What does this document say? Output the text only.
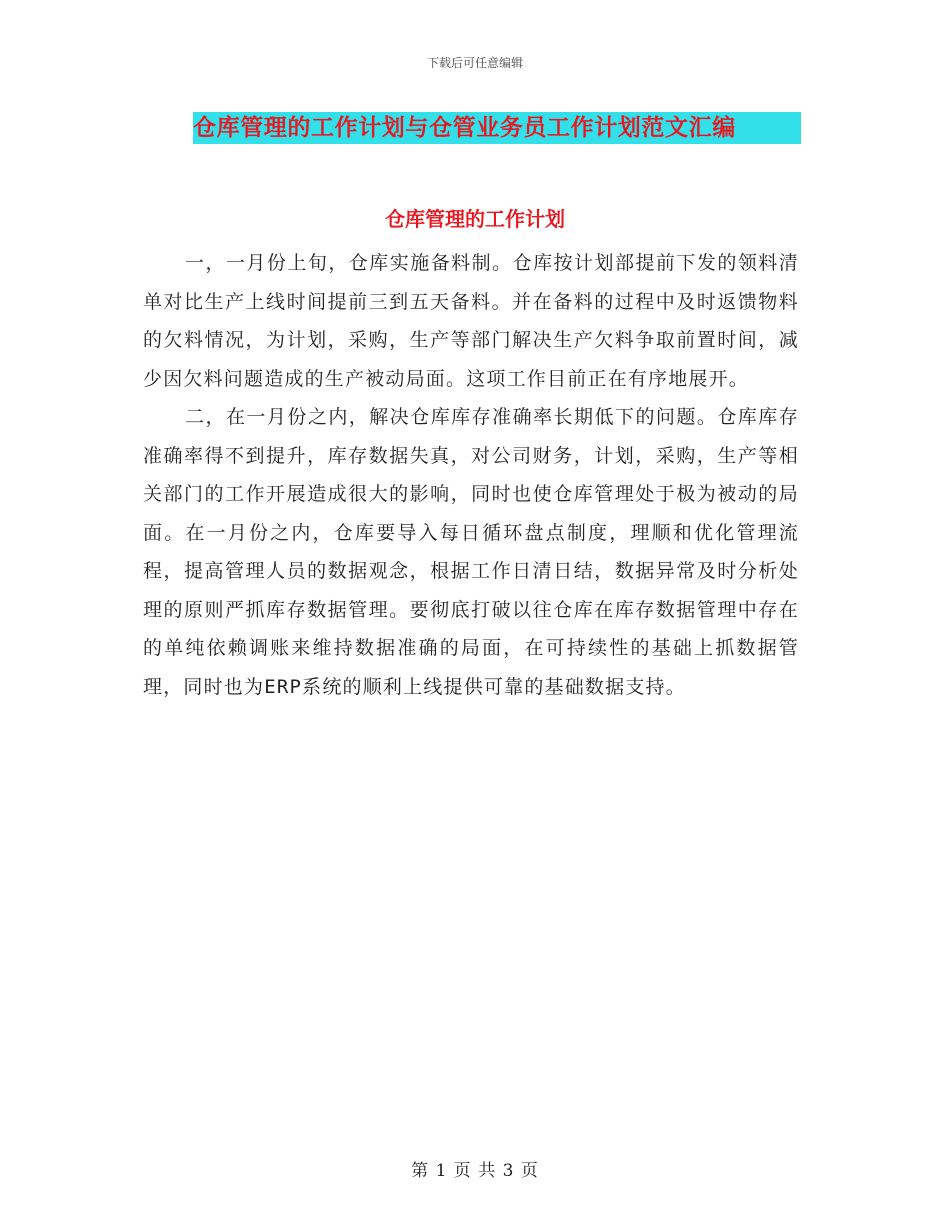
下载后可任意编辑
仓库管理的工作计划与仓管业务员工作计划范文汇编
仓库管理的工作计划

一，一月份上旬，仓库实施备料制。仓库按计划部提前下发的领料清单对比生产上线时间提前三到五天备料。并在备料的过程中及时返馈物料的欠料情况，为计划，采购，生产等部门解决生产欠料争取前置时间，减少因欠料问题造成的生产被动局面。这项工作目前正在有序地展开。

二，在一月份之内，解决仓库库存准确率长期低下的问题。仓库库存准确率得不到提升，库存数据失真，对公司财务，计划，采购，生产等相关部门的工作开展造成很大的影响，同时也使仓库管理处于极为被动的局面。在一月份之内，仓库要导入每日循环盘点制度，理顺和优化管理流程，提高管理人员的数据观念，根据工作日清日结，数据异常及时分析处理的原则严抓库存数据管理。要彻底打破以往仓库在库存数据管理中存在的单纯依赖调账来维持数据准确的局面，在可持续性的基础上抓数据管理，同时也为ERP系统的顺利上线提供可靠的基础数据支持。

第 1 页 共 3 页
